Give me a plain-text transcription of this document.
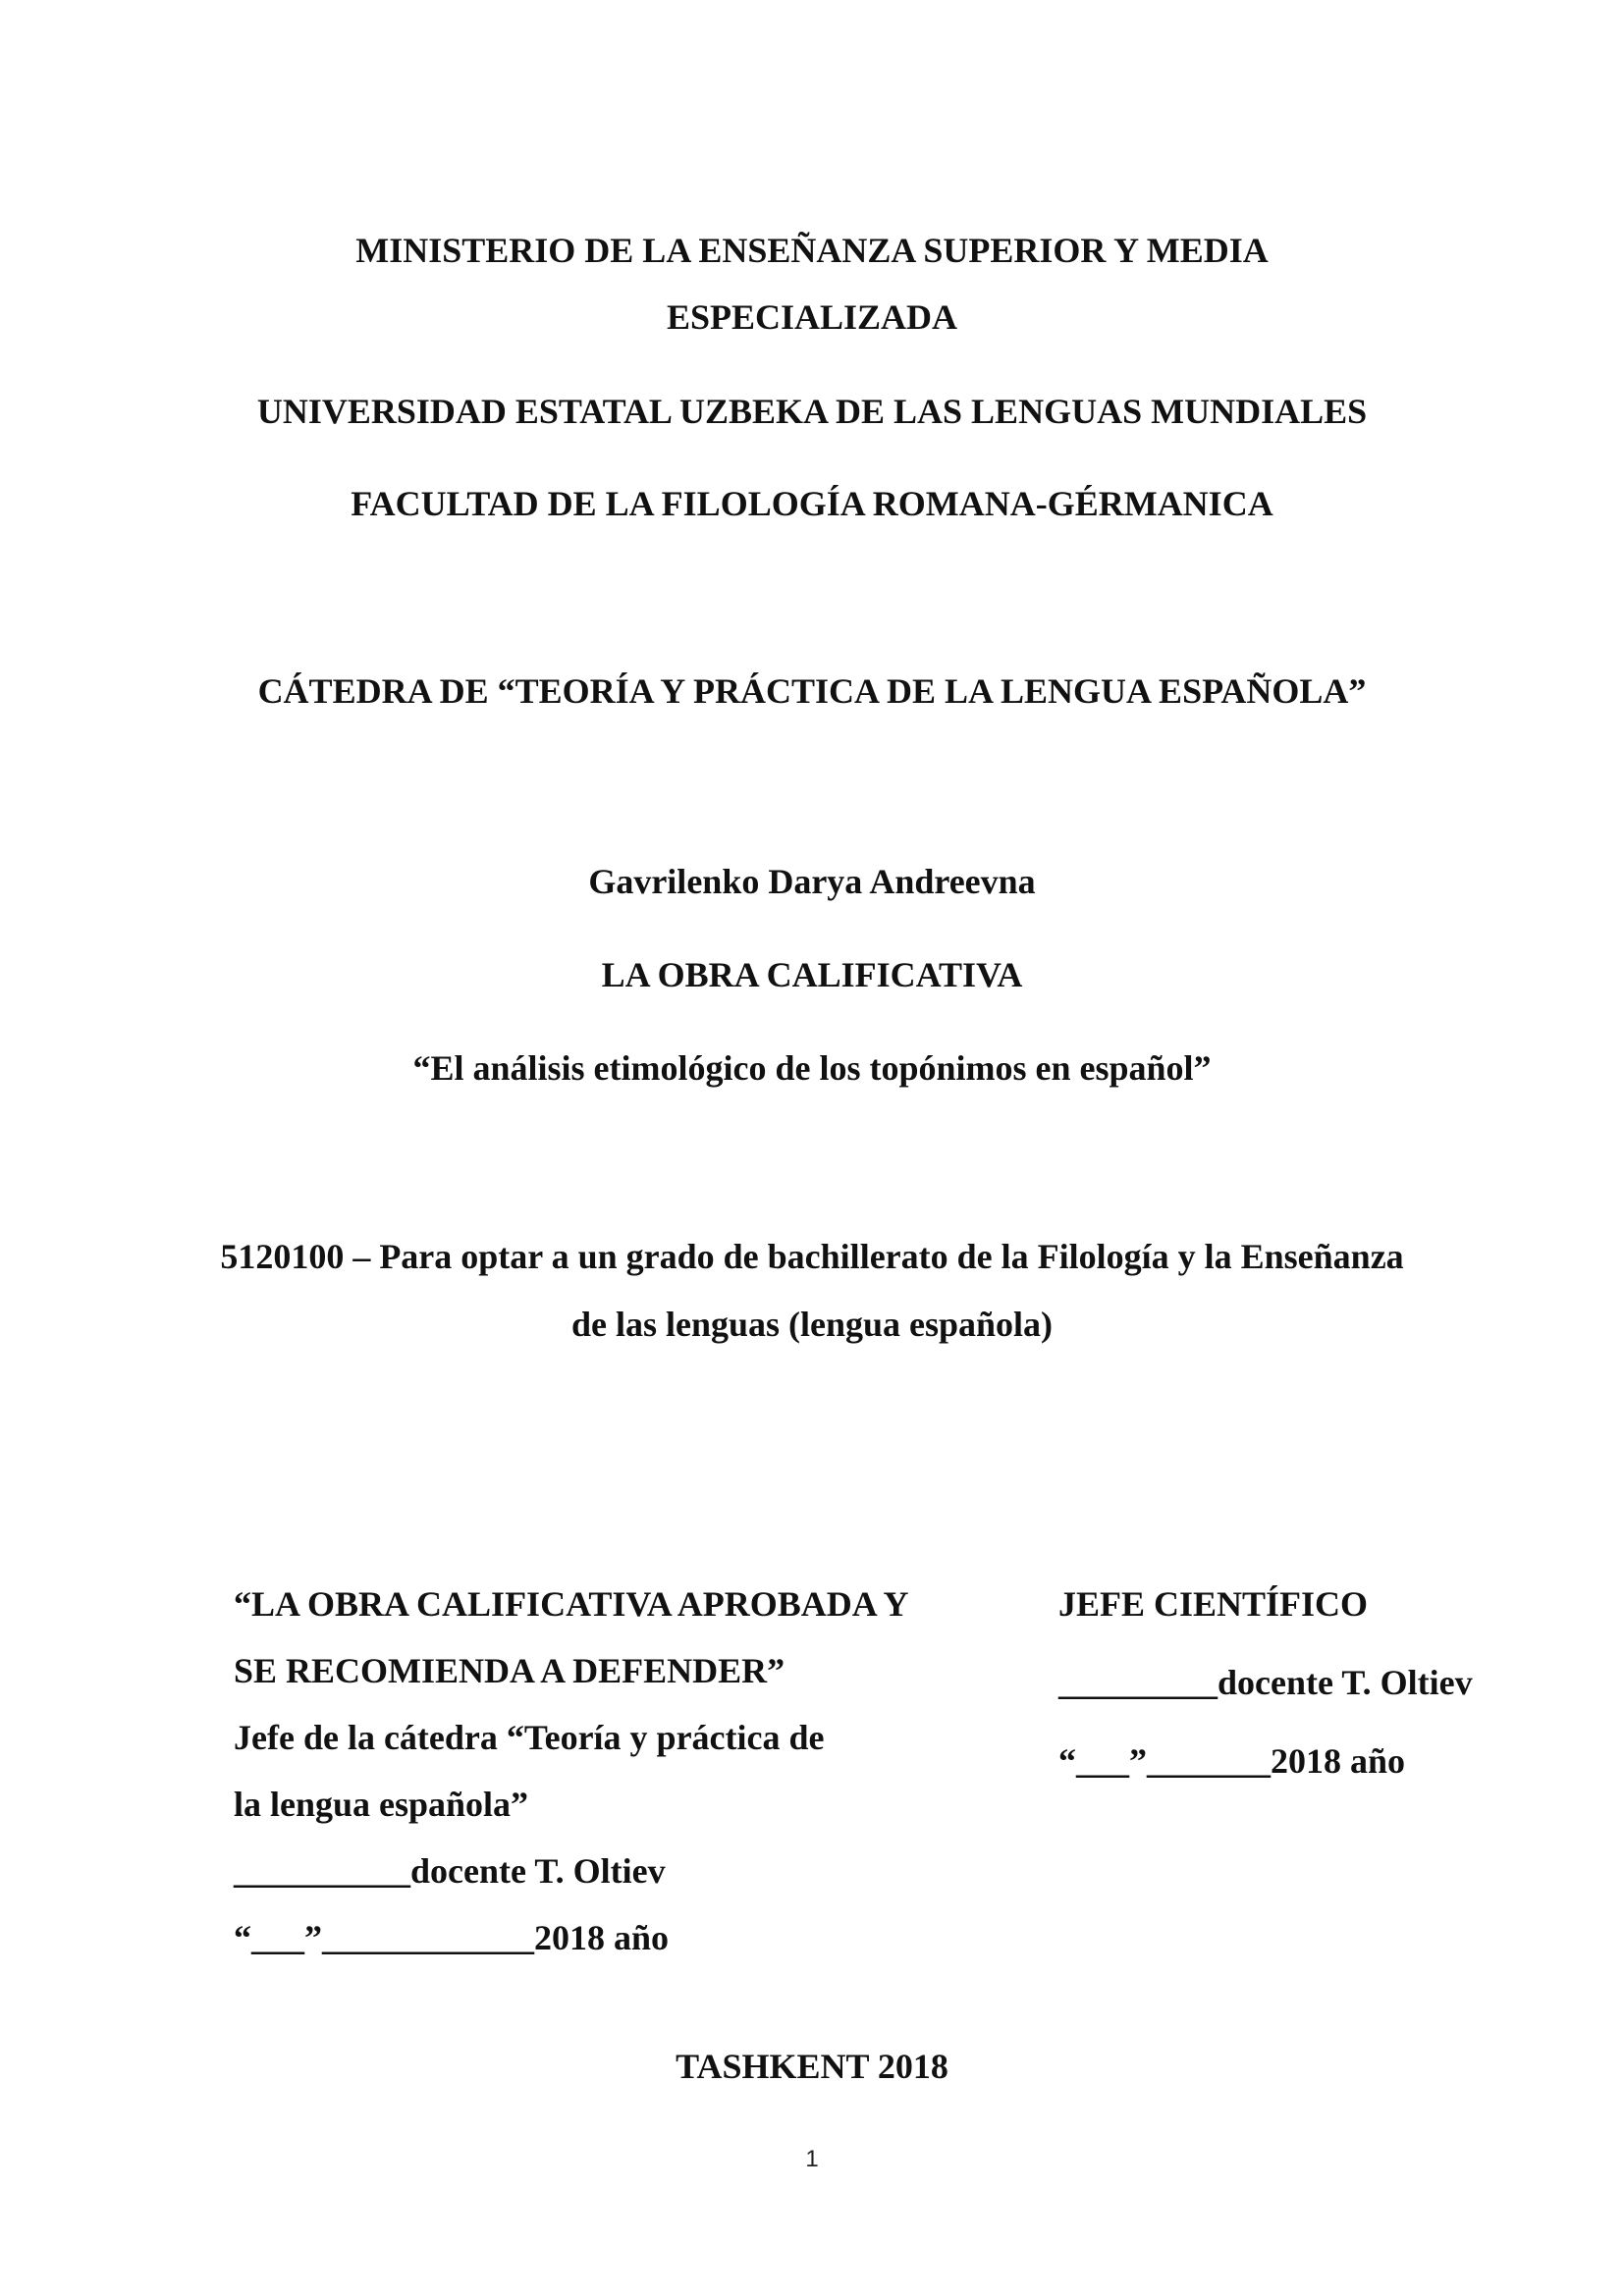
MINISTERIO DE LA ENSEÑANZA SUPERIOR Y MEDIA
ESPECIALIZADA
UNIVERSIDAD ESTATAL UZBEKA DE LAS LENGUAS MUNDIALES
FACULTAD DE LA FILOLOGÍA ROMANA-GÉRMANICA
CÁTEDRA DE “TEORÍA Y PRÁCTICA DE LA LENGUA ESPAÑOLA”
Gavrilenko Darya Andreevna
LA OBRA CALIFICATIVA
“El análisis etimológico de los topónimos en español”
5120100 – Para optar a un grado de bachillerato de la Filología y la Enseñanza
de las lenguas (lengua española)
“LA OBRA CALIFICATIVA APROBADA Y
SE RECOMIENDA A DEFENDER”
Jefe de la cátedra “Teoría y práctica de
la lengua española”
__________docente T. Oltiev
“___”____________2018 año
JEFE CIENTÍFICO
_________docente T. Oltiev
“___”_______2018 año
TASHKENT 2018
1
